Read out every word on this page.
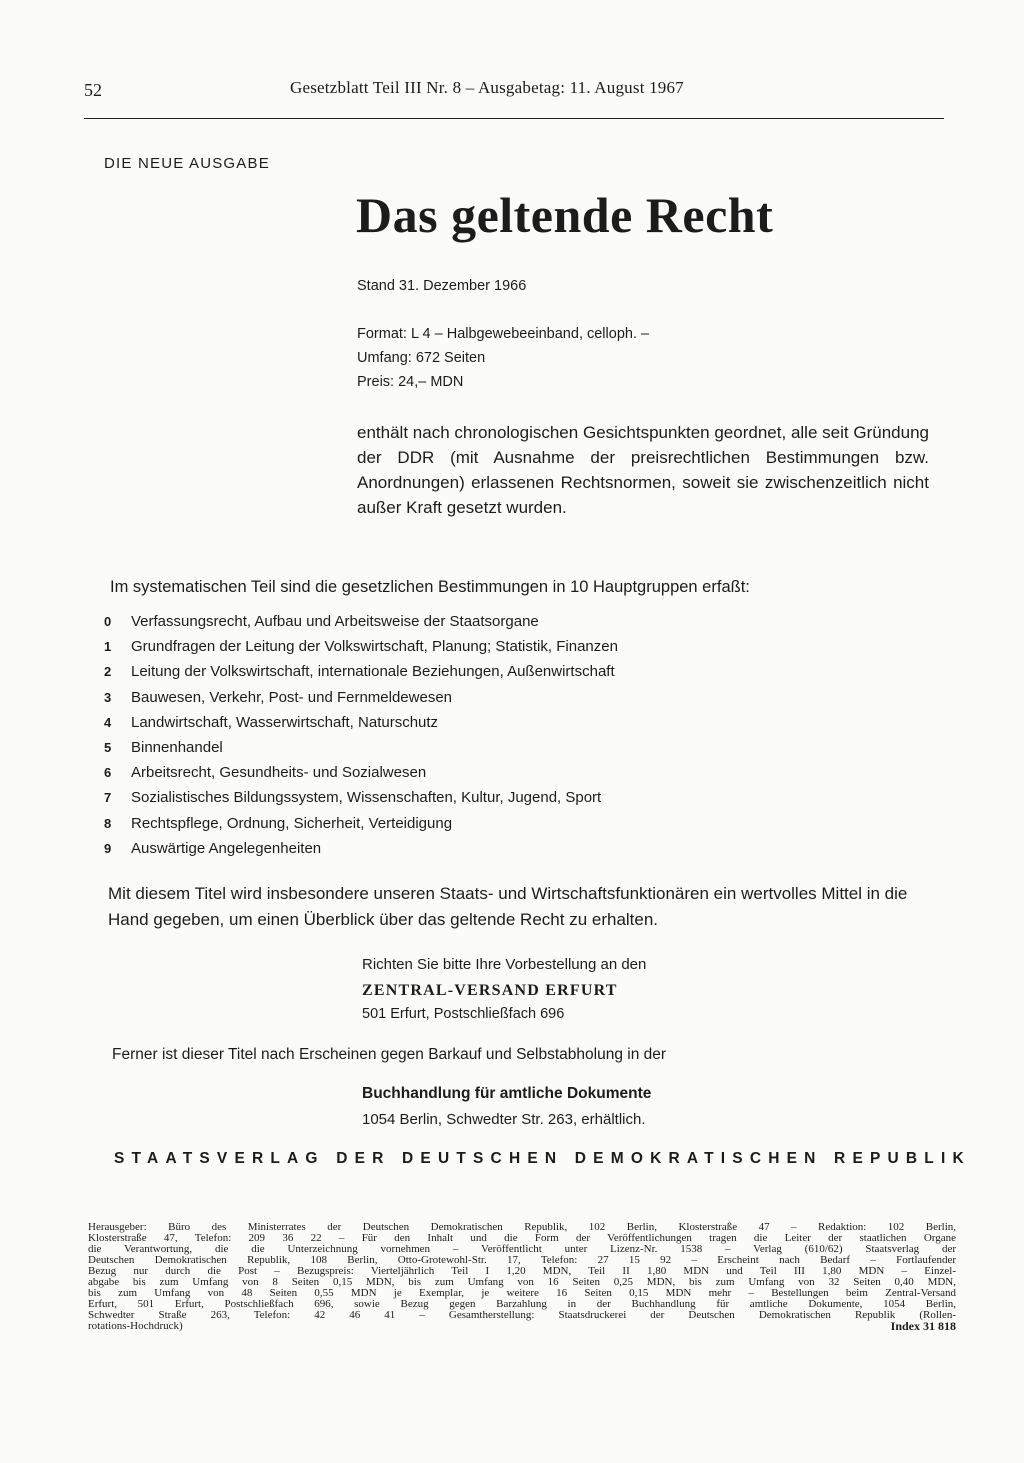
52	Gesetzblatt Teil III Nr. 8 – Ausgabetag: 11. August 1967
DIE NEUE AUSGABE
Das geltende Recht
Stand 31. Dezember 1966
Format: L 4 – Halbgewebeeinband, celloph. –
Umfang: 672 Seiten
Preis: 24,– MDN
enthält nach chronologischen Gesichtspunkten geordnet, alle seit Gründung der DDR (mit Ausnahme der preisrechtlichen Bestimmungen bzw. Anordnungen) erlassenen Rechtsnormen, soweit sie zwischenzeitlich nicht außer Kraft gesetzt wurden.
Im systematischen Teil sind die gesetzlichen Bestimmungen in 10 Hauptgruppen erfaßt:
0	Verfassungsrecht, Aufbau und Arbeitsweise der Staatsorgane
1	Grundfragen der Leitung der Volkswirtschaft, Planung; Statistik, Finanzen
2	Leitung der Volkswirtschaft, internationale Beziehungen, Außenwirtschaft
3	Bauwesen, Verkehr, Post- und Fernmeldewesen
4	Landwirtschaft, Wasserwirtschaft, Naturschutz
5	Binnenhandel
6	Arbeitsrecht, Gesundheits- und Sozialwesen
7	Sozialistisches Bildungssystem, Wissenschaften, Kultur, Jugend, Sport
8	Rechtspflege, Ordnung, Sicherheit, Verteidigung
9	Auswärtige Angelegenheiten
Mit diesem Titel wird insbesondere unseren Staats- und Wirtschaftsfunktionären ein wertvolles Mittel in die Hand gegeben, um einen Überblick über das geltende Recht zu erhalten.
Richten Sie bitte Ihre Vorbestellung an den
ZENTRAL-VERSAND ERFURT
501 Erfurt, Postschließfach 696
Ferner ist dieser Titel nach Erscheinen gegen Barkauf und Selbstabholung in der
Buchhandlung für amtliche Dokumente
1054 Berlin, Schwedter Str. 263, erhältlich.
STAATSVERLAG DER DEUTSCHEN DEMOKRATISCHEN REPUBLIK
Herausgeber: Büro des Ministerrates der Deutschen Demokratischen Republik, 102 Berlin, Klosterstraße 47 – Redaktion: 102 Berlin,
Klosterstraße 47, Telefon: 209 36 22 – Für den Inhalt und die Form der Veröffentlichungen tragen die Leiter der staatlichen Organe
die Verantwortung, die die Unterzeichnung vornehmen – Veröffentlicht unter Lizenz-Nr. 1538 – Verlag (610/62) Staatsverlag der
Deutschen Demokratischen Republik, 108 Berlin, Otto-Grotewohl-Str. 17, Telefon: 27 15 92 – Erscheint nach Bedarf – Fortlaufender
Bezug nur durch die Post – Bezugspreis: Vierteljährlich Teil I 1,20 MDN, Teil II 1,80 MDN und Teil III 1,80 MDN – Einzel-
abgabe bis zum Umfang von 8 Seiten 0,15 MDN, bis zum Umfang von 16 Seiten 0,25 MDN, bis zum Umfang von 32 Seiten 0,40 MDN,
bis zum Umfang von 48 Seiten 0,55 MDN je Exemplar, je weitere 16 Seiten 0,15 MDN mehr – Bestellungen beim Zentral-Versand
Erfurt, 501 Erfurt, Postschließfach 696, sowie Bezug gegen Barzahlung in der Buchhandlung für amtliche Dokumente, 1054 Berlin,
Schwedter Straße 263, Telefon: 42 46 41 – Gesamtherstellung: Staatsdruckerei der Deutschen Demokratischen Republik (Rollen-
rotations-Hochdruck)	Index 31 818
